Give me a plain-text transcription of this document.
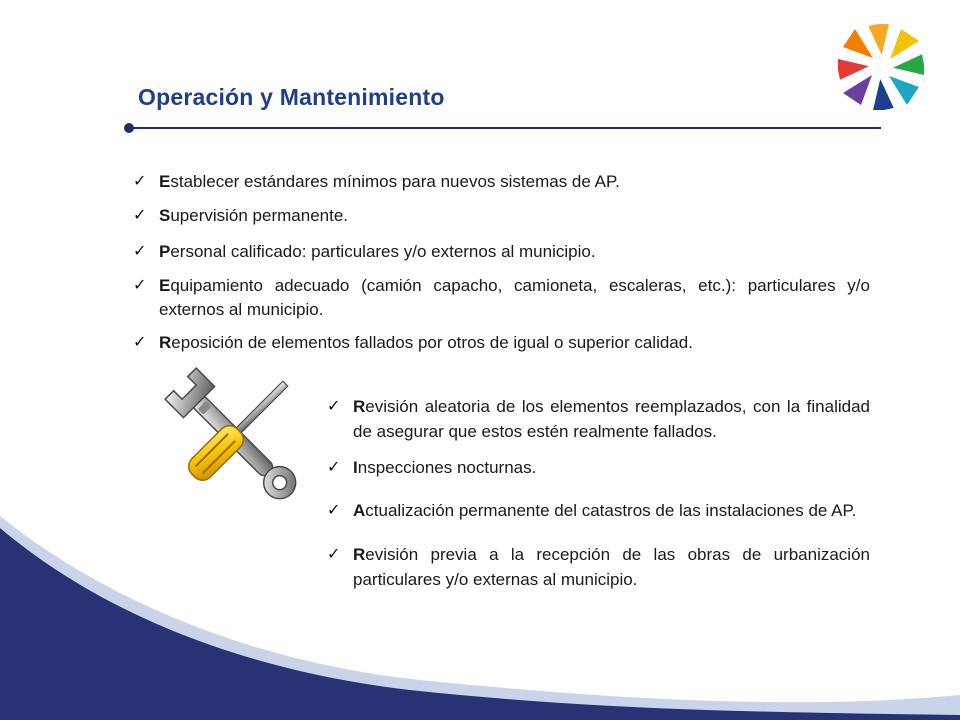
Operación y Mantenimiento
✓ Establecer estándares mínimos para nuevos sistemas de AP.
✓ Supervisión permanente.
✓ Personal calificado: particulares y/o externos al municipio.
✓ Equipamiento adecuado (camión capacho, camioneta, escaleras, etc.): particulares y/o externos al municipio.
✓ Reposición de elementos fallados por otros de igual o superior calidad.
✓ Revisión aleatoria de los elementos reemplazados, con la finalidad de asegurar que estos estén realmente fallados.
✓ Inspecciones nocturnas.
✓ Actualización permanente del catastros de las instalaciones de AP.
✓ Revisión previa a la recepción de las obras de urbanización particulares y/o externas al municipio.
